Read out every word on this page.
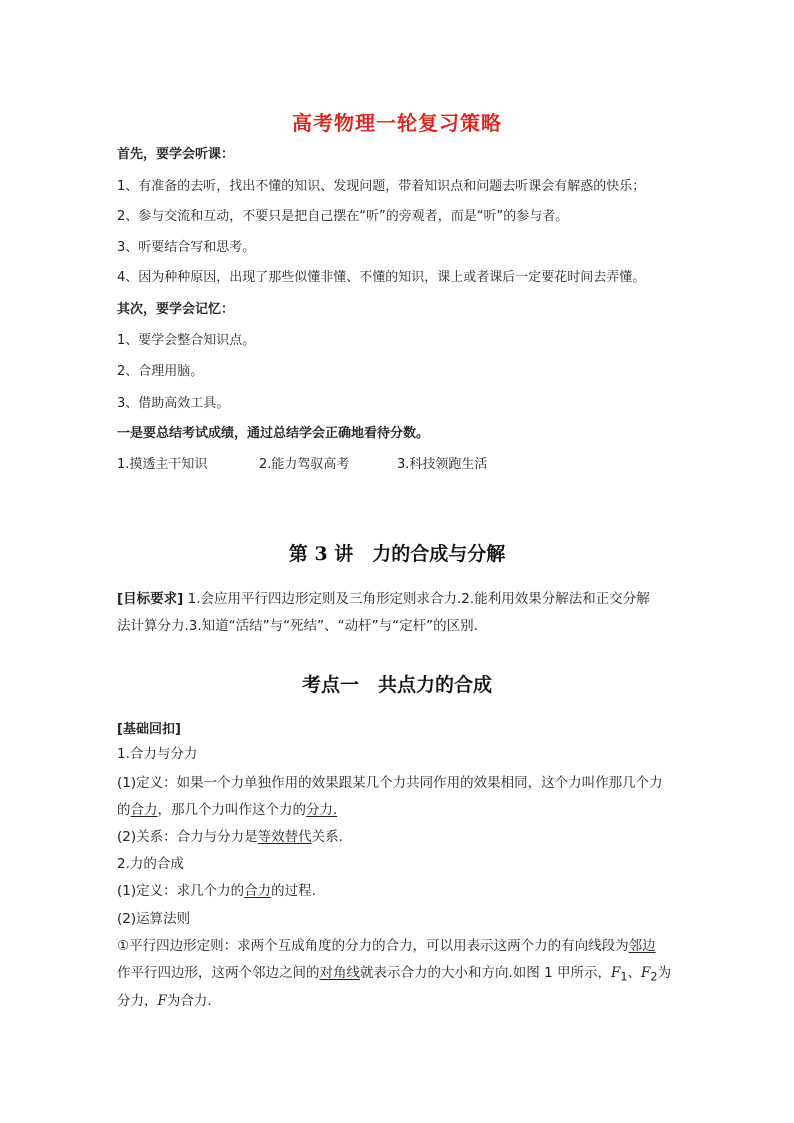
高考物理一轮复习策略
首先，要学会听课：
1、有准备的去听，找出不懂的知识、发现问题，带着知识点和问题去听课会有解惑的快乐；
2、参与交流和互动，不要只是把自己摆在“听”的旁观者，而是“听”的参与者。
3、听要结合写和思考。
4、因为种种原因，出现了那些似懂非懂、不懂的知识，课上或者课后一定要花时间去弄懂。
其次，要学会记忆：
1、要学会整合知识点。
2、合理用脑。
3、借助高效工具。
一是要总结考试成绩，通过总结学会正确地看待分数。
1.摸透主干知识	2.能力驾驭高考	3.科技领跑生活
第 3 讲　力的合成与分解
[目标要求] 1.会应用平行四边形定则及三角形定则求合力.2.能利用效果分解法和正交分解
法计算分力.3.知道“活结”与“死结”、“动杆”与“定杆”的区别.
考点一　共点力的合成
[基础回扣]
1.合力与分力
(1)定义：如果一个力单独作用的效果跟某几个力共同作用的效果相同，这个力叫作那几个力
的合力，那几个力叫作这个力的分力.
(2)关系：合力与分力是等效替代关系.
2.力的合成
(1)定义：求几个力的合力的过程.
(2)运算法则
①平行四边形定则：求两个互成角度的分力的合力，可以用表示这两个力的有向线段为邻边
作平行四边形，这两个邻边之间的对角线就表示合力的大小和方向.如图 1 甲所示，$F_1$、$F_2$为
分力，F为合力.
